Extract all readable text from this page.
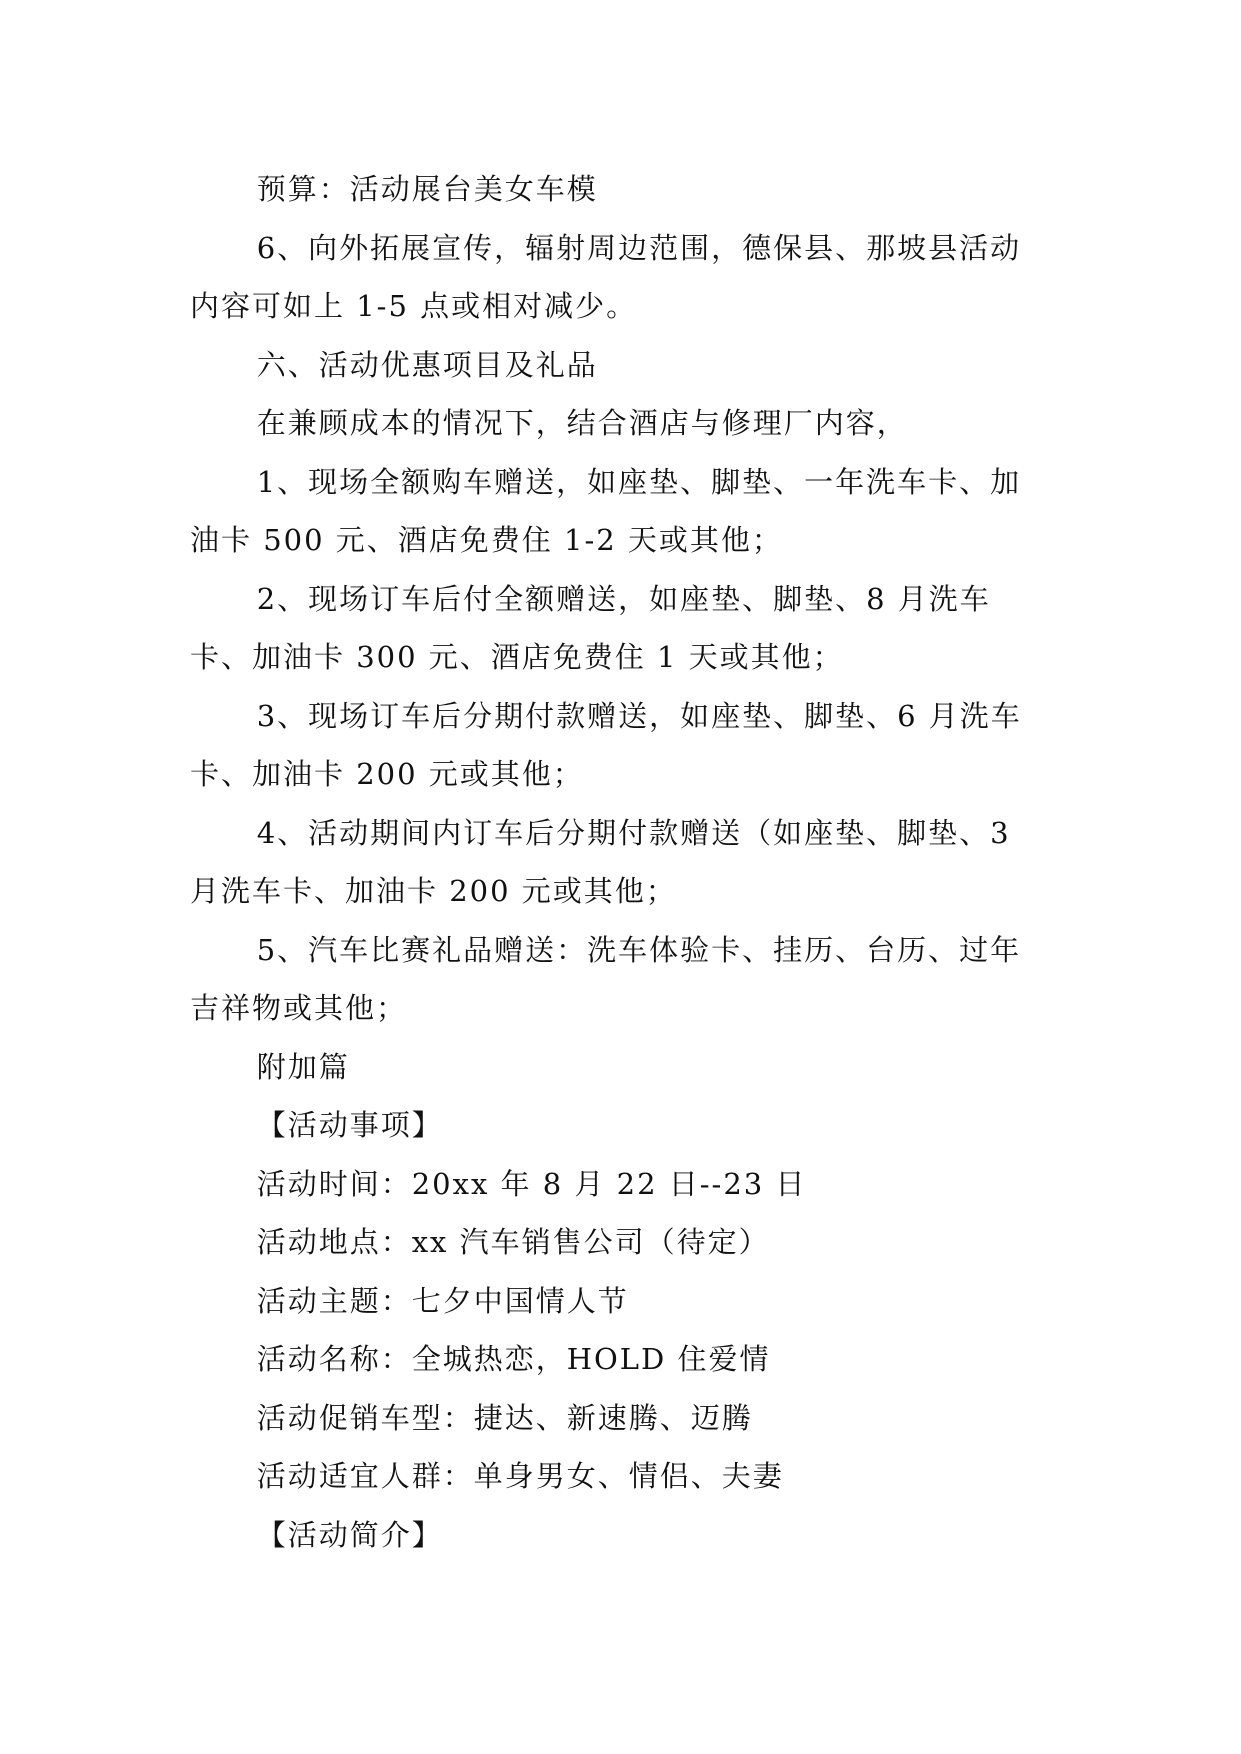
预算：活动展台美女车模

6、向外拓展宣传，辐射周边范围，德保县、那坡县活动内容可如上 1-5 点或相对减少。

六、活动优惠项目及礼品

在兼顾成本的情况下，结合酒店与修理厂内容，

1、现场全额购车赠送，如座垫、脚垫、一年洗车卡、加油卡 500 元、酒店免费住 1-2 天或其他；

2、现场订车后付全额赠送，如座垫、脚垫、8 月洗车卡、加油卡 300 元、酒店免费住 1 天或其他；

3、现场订车后分期付款赠送，如座垫、脚垫、6 月洗车卡、加油卡 200 元或其他；

4、活动期间内订车后分期付款赠送（如座垫、脚垫、3 月洗车卡、加油卡 200 元或其他；

5、汽车比赛礼品赠送：洗车体验卡、挂历、台历、过年吉祥物或其他；

附加篇

【活动事项】

活动时间：20xx 年 8 月 22 日--23 日

活动地点：xx 汽车销售公司（待定）

活动主题：七夕中国情人节

活动名称：全城热恋，HOLD 住爱情

活动促销车型：捷达、新速腾、迈腾

活动适宜人群：单身男女、情侣、夫妻

【活动简介】
